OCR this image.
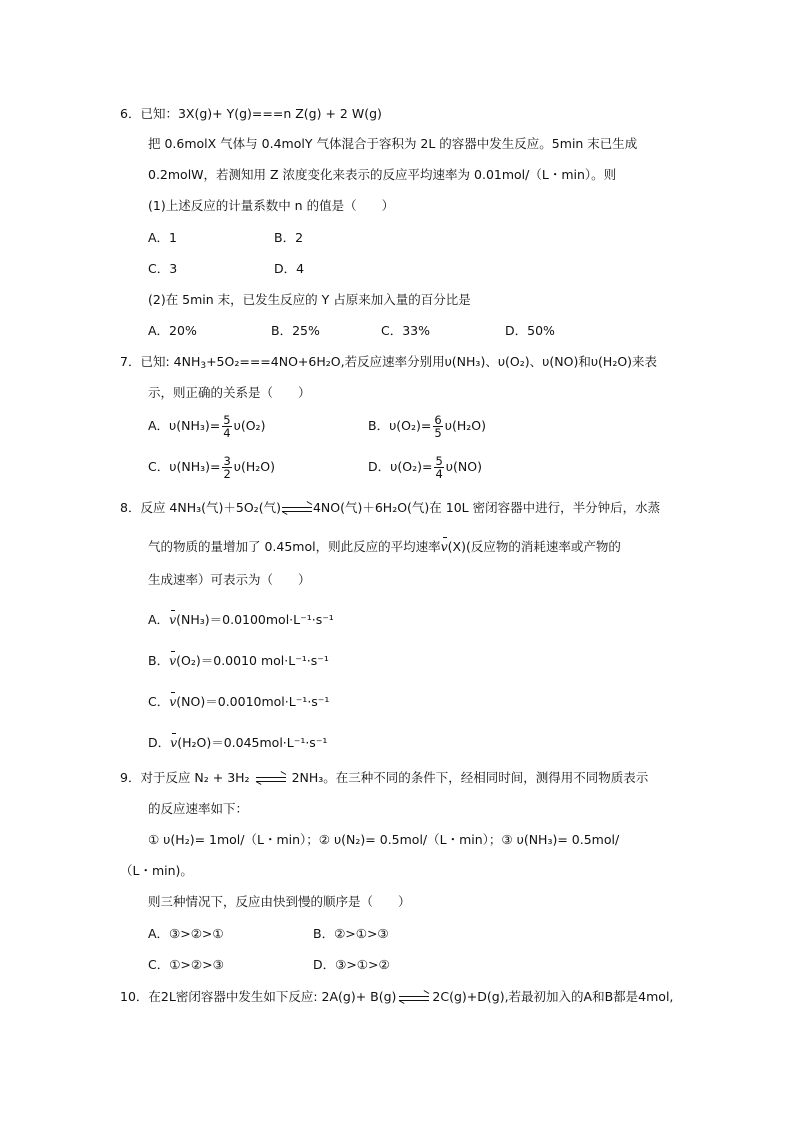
6．已知：3X(g)+ Y(g)===n Z(g) + 2 W(g)
把 0.6molX 气体与 0.4molY 气体混合于容积为 2L 的容器中发生反应。5min 末已生成
0.2molW，若测知用 Z 浓度变化来表示的反应平均速率为 0.01mol/（L・min）。则
(1)上述反应的计量系数中 n 的值是（　　）
A．1	B．2
C．3	D．4
(2)在 5min 末，已发生反应的 Y 占原来加入量的百分比是
A．20%	B．25%	C．33%	D．50%
7．已知: $4NH_3+5O_2===4NO+6H_2O$,若反应速率分别用υ(NH₃)、υ(O₂)、υ(NO)和υ(H₂O)来表
示，则正确的关系是（　　）
A．$\upsilon(NH_3)= \frac{5}{4} \upsilon(O_2)$	B．$\upsilon(O_2)= \frac{6}{5} \upsilon(H_2O)$
C．$\upsilon(NH_3)= \frac{3}{2} \upsilon(H_2O)$	D．$\upsilon(O_2)= \frac{5}{4} \upsilon(NO)$
8．反应 4NH₃(气)＋5O₂(气)	4NO(气)＋6H₂O(气)在 10L 密闭容器中进行，半分钟后，水蒸
气的物质的量增加了 0.45mol，则此反应的平均速率v(X)(反应物的消耗速率或产物的
生成速率）可表示为（　　）
A．v(NH₃)＝0.0100mol·L⁻¹·s⁻¹
B．v(O₂)＝0.0010 mol·L⁻¹·s⁻¹
C．v(NO)＝0.0010mol·L⁻¹·s⁻¹
D．v(H₂O)＝0.045mol·L⁻¹·s⁻¹
9．对于反应 N₂ + 3H₂	2NH₃。在三种不同的条件下，经相同时间，测得用不同物质表示
的反应速率如下：
① υ(H₂)= 1mol/（L・min）；② υ(N₂)= 0.5mol/（L・min）；③ υ(NH₃)= 0.5mol/
（L・min)。
则三种情况下，反应由快到慢的顺序是（　　）
A．③>②>①	B．②>①>③
C．①>②>③	D．③>①>②
10．在2L密闭容器中发生如下反应: 2A(g)+ B(g)	2C(g)+D(g),若最初加入的A和B都是4mol,
